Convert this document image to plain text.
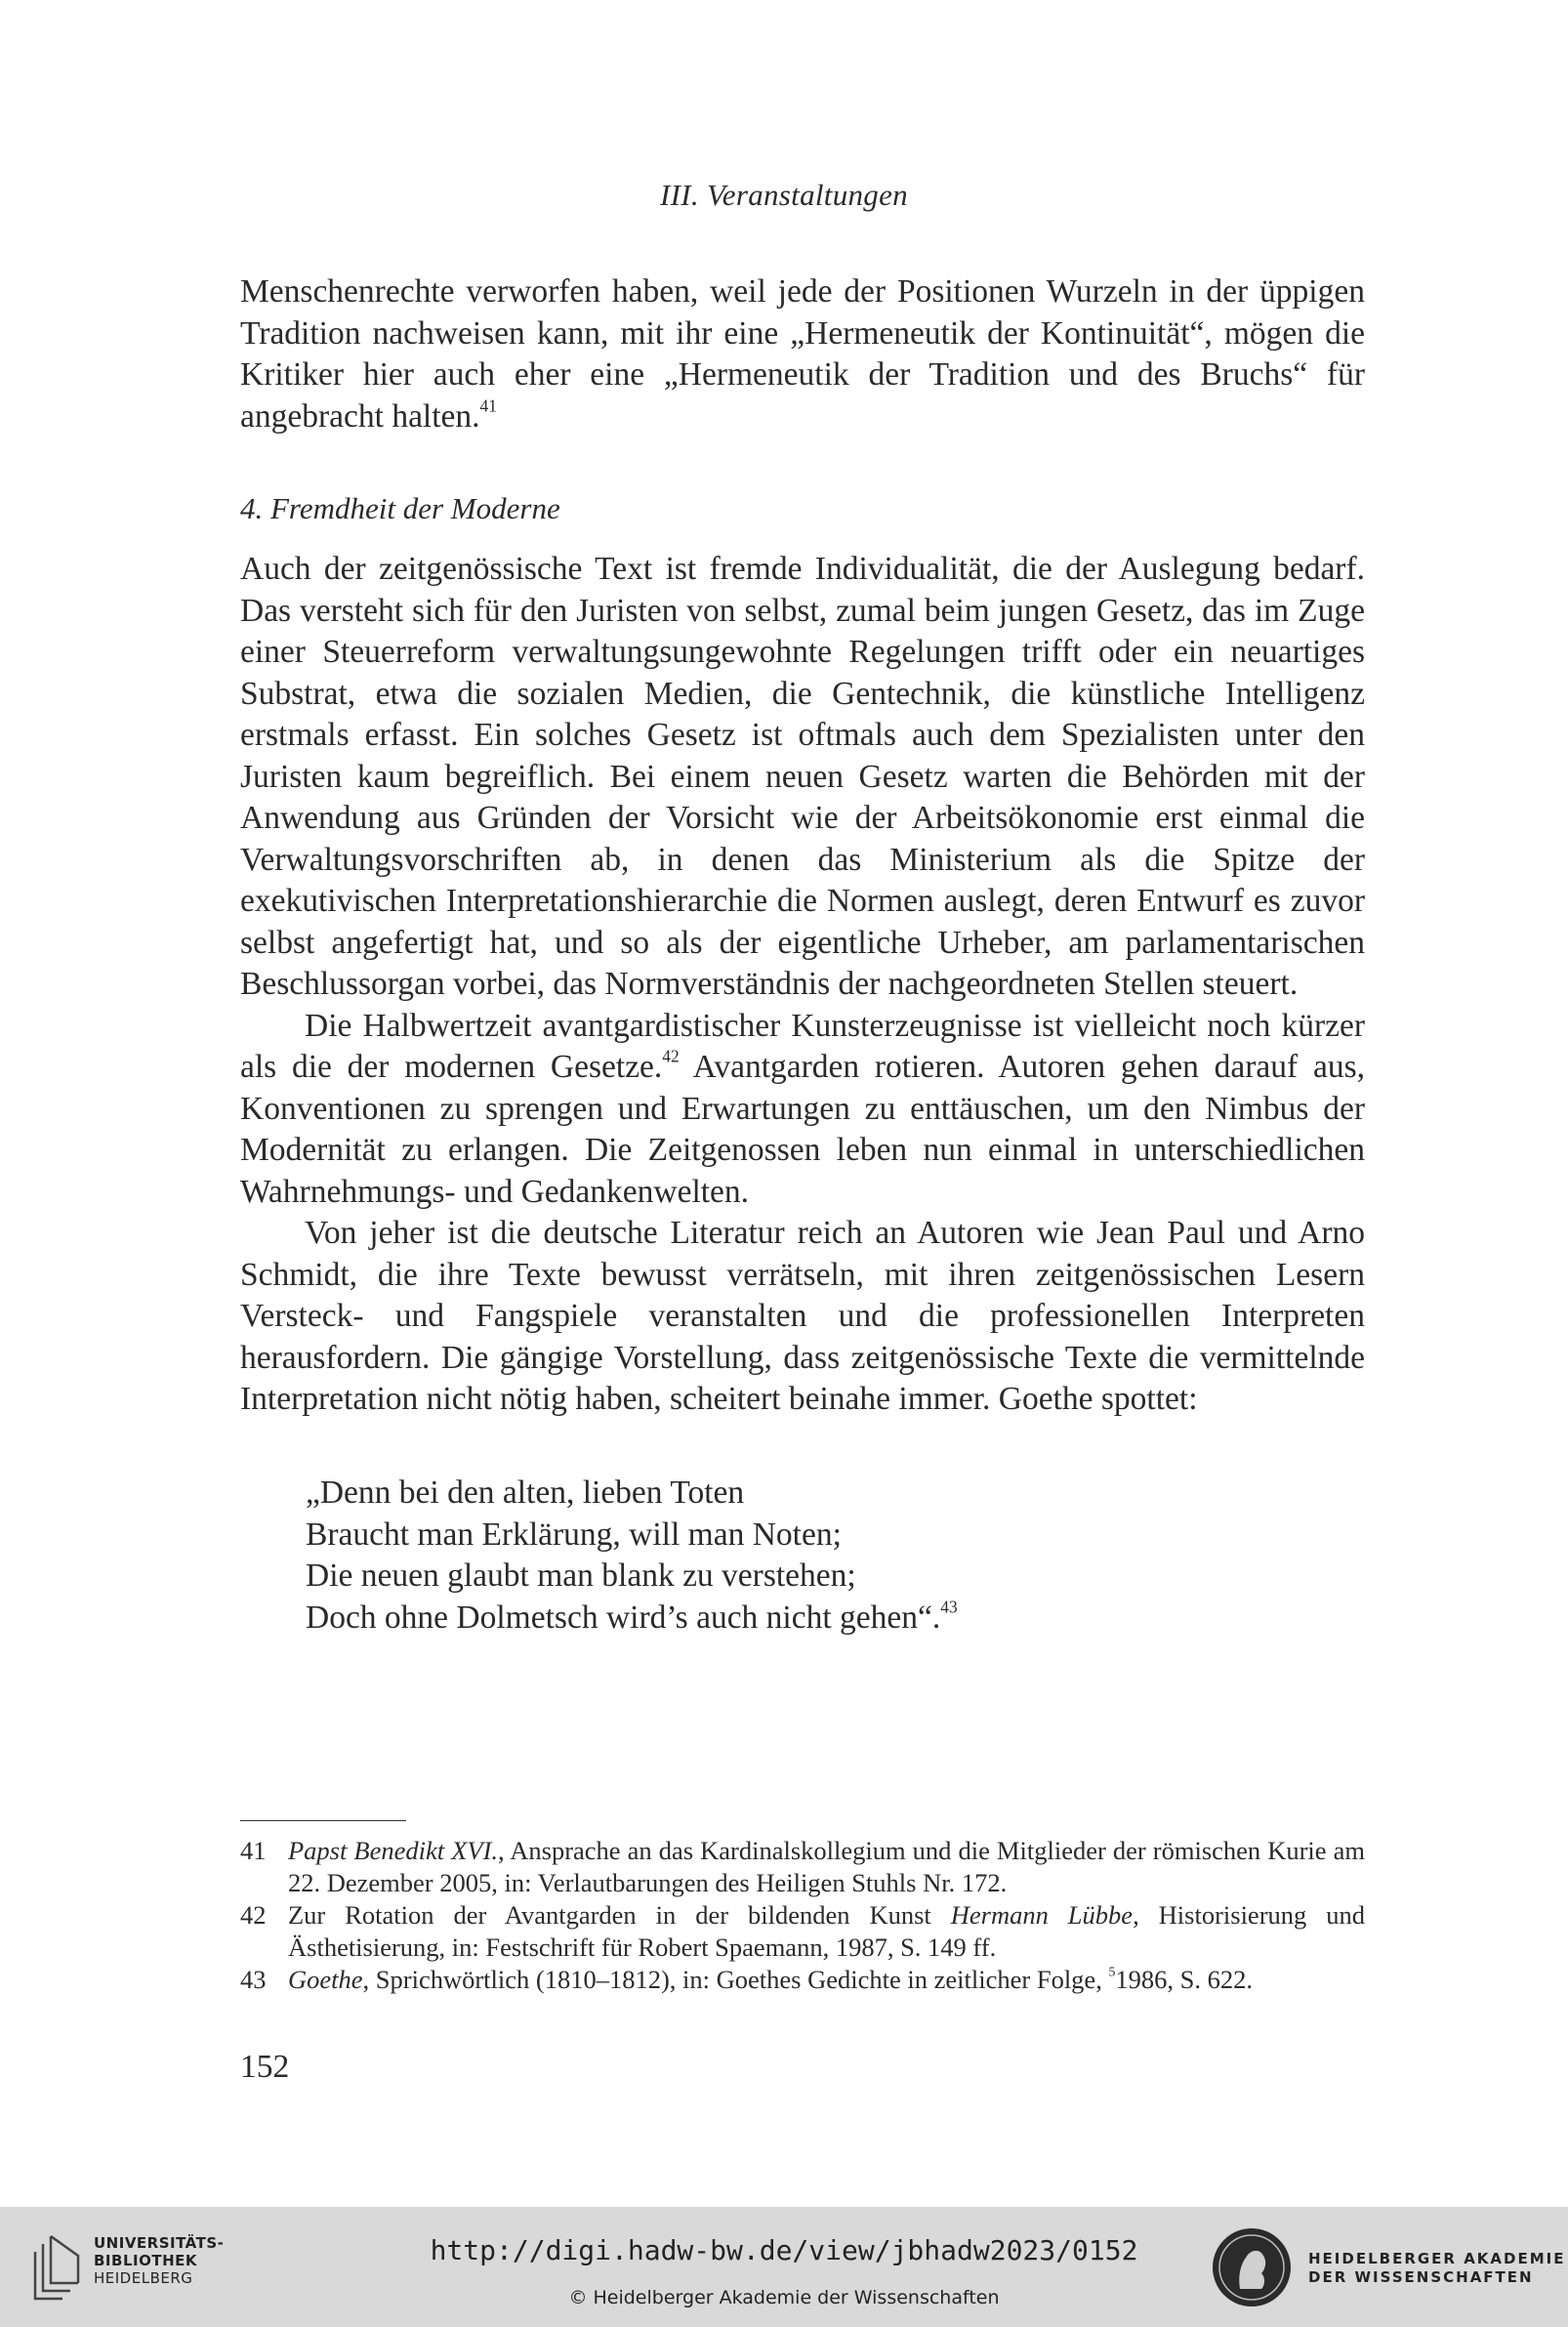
III. Veranstaltungen

Menschenrechte verworfen haben, weil jede der Positionen Wurzeln in der üppigen Tradition nachweisen kann, mit ihr eine „Hermeneutik der Kontinuität“, mögen die Kritiker hier auch eher eine „Hermeneutik der Tradition und des Bruchs“ für angebracht halten.$^{41}$

4. Fremdheit der Moderne

Auch der zeitgenössische Text ist fremde Individualität, die der Auslegung bedarf. Das versteht sich für den Juristen von selbst, zumal beim jungen Gesetz, das im Zuge einer Steuerreform verwaltungsungewohnte Regelungen trifft oder ein neuartiges Substrat, etwa die sozialen Medien, die Gentechnik, die künstliche Intelligenz erstmals erfasst. Ein solches Gesetz ist oftmals auch dem Spezialisten unter den Juristen kaum begreiflich. Bei einem neuen Gesetz warten die Behörden mit der Anwendung aus Gründen der Vorsicht wie der Arbeitsökonomie erst einmal die Verwaltungsvorschriften ab, in denen das Ministerium als die Spitze der exekutivischen Interpretationshierarchie die Normen auslegt, deren Entwurf es zuvor selbst angefertigt hat, und so als der eigentliche Urheber, am parlamentarischen Beschlussorgan vorbei, das Normverständnis der nachgeordneten Stellen steuert.

Die Halbwertzeit avantgardistischer Kunsterzeugnisse ist vielleicht noch kürzer als die der modernen Gesetze.$^{42}$ Avantgarden rotieren. Autoren gehen darauf aus, Konventionen zu sprengen und Erwartungen zu enttäuschen, um den Nimbus der Modernität zu erlangen. Die Zeitgenossen leben nun einmal in unterschiedlichen Wahrnehmungs- und Gedankenwelten.

Von jeher ist die deutsche Literatur reich an Autoren wie Jean Paul und Arno Schmidt, die ihre Texte bewusst verrätseln, mit ihren zeitgenössischen Lesern Versteck- und Fangspiele veranstalten und die professionellen Interpreten herausfordern. Die gängige Vorstellung, dass zeitgenössische Texte die vermittelnde Interpretation nicht nötig haben, scheitert beinahe immer. Goethe spottet:

„Denn bei den alten, lieben Toten
Braucht man Erklärung, will man Noten;
Die neuen glaubt man blank zu verstehen;
Doch ohne Dolmetsch wird’s auch nicht gehen“.$^{43}$
41 Papst Benedikt XVI., Ansprache an das Kardinalskollegium und die Mitglieder der römischen Kurie am 22. Dezember 2005, in: Verlautbarungen des Heiligen Stuhls Nr. 172.
42 Zur Rotation der Avantgarden in der bildenden Kunst Hermann Lübbe, Historisierung und Ästhetisierung, in: Festschrift für Robert Spaemann, 1987, S. 149 ff.
43 Goethe, Sprichwörtlich (1810–1812), in: Goethes Gedichte in zeitlicher Folge, $^5$1986, S. 622.
152
UNIVERSITÄTS-
BIBLIOTHEK
HEIDELBERG
http://digi.hadw-bw.de/view/jbhadw2023/0152
© Heidelberger Akademie der Wissenschaften
HEIDELBERGER AKADEMIE
DER WISSENSCHAFTEN
